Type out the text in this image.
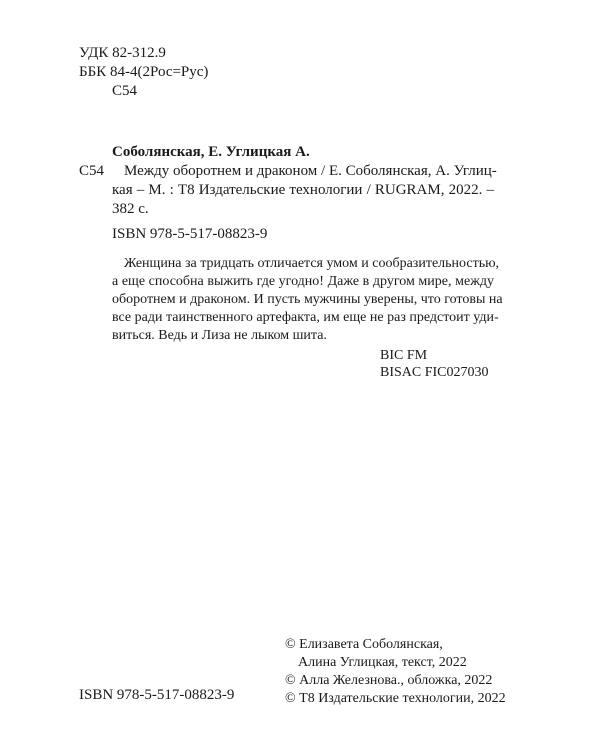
УДК 82-312.9
ББК 84-4(2Рос=Рус)
С54
Соболянская, Е. Углицкая А.
С54 Между оборотнем и драконом / Е. Соболянская, А. Углиц-
кая – М. : Т8 Издательские технологии / RUGRAM, 2022. –
382 с.
ISBN 978-5-517-08823-9
Женщина за тридцать отличается умом и сообразительностью,
а еще способна выжить где угодно! Даже в другом мире, между
оборотнем и драконом. И пусть мужчины уверены, что готовы на
все ради таинственного артефакта, им еще не раз предстоит уди-
виться. Ведь и Лиза не лыком шита.
BIC FM
BISAC FIC027030
ISBN 978-5-517-08823-9
© Елизавета Соболянская,
Алина Углицкая, текст, 2022
© Алла Железнова., обложка, 2022
© Т8 Издательские технологии, 2022
